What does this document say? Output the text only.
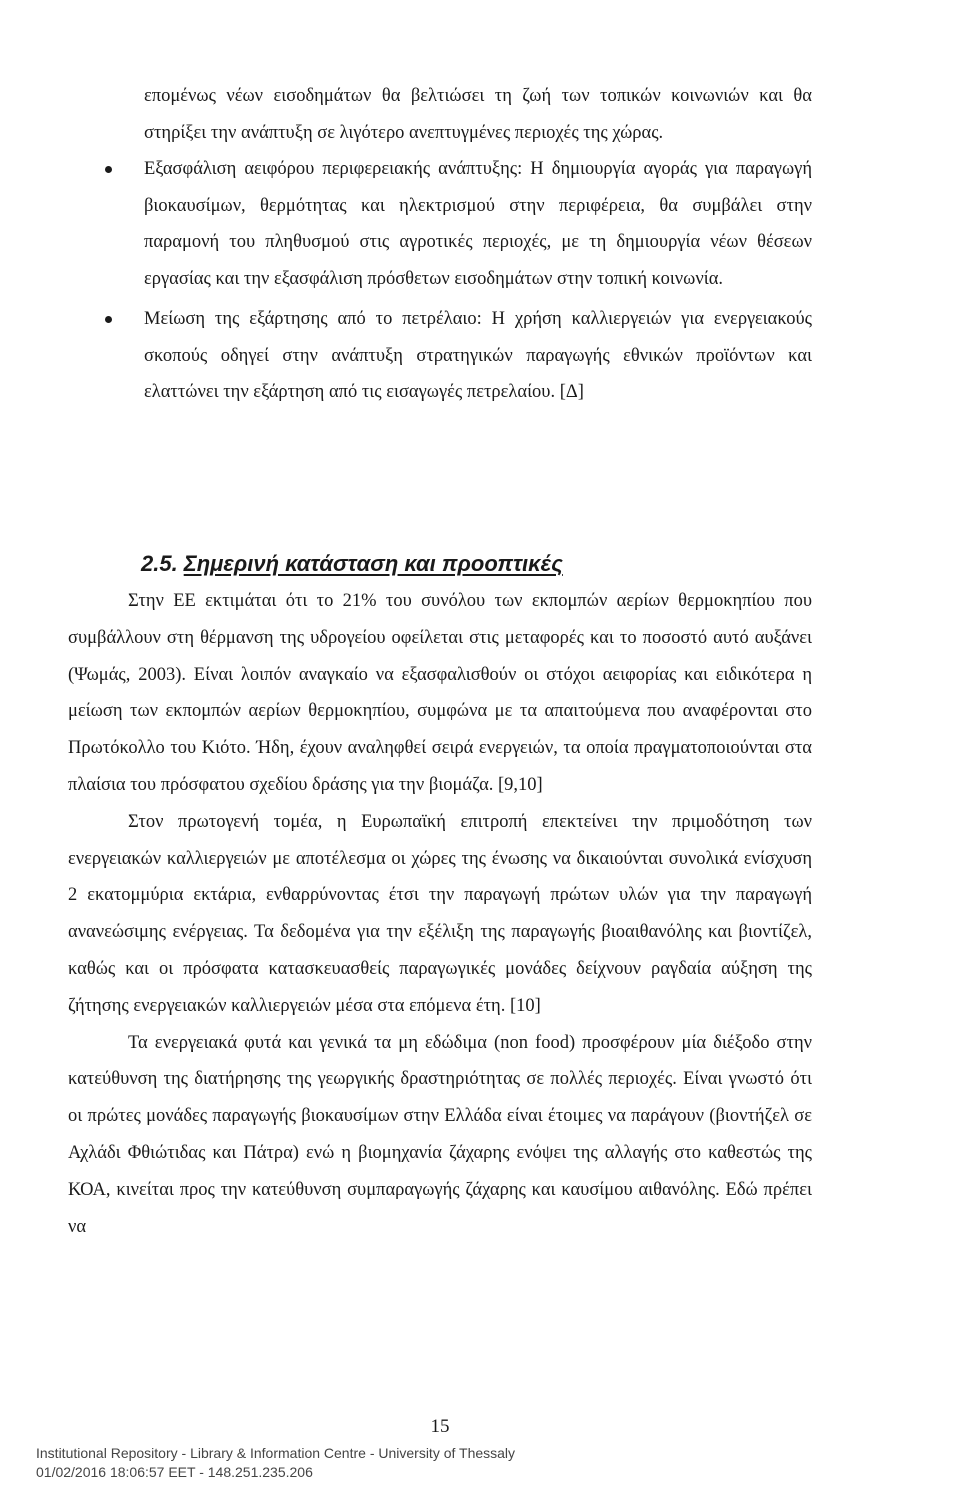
επομένως νέων εισοδημάτων θα βελτιώσει τη ζωή των τοπικών κοινωνιών και θα στηρίξει την ανάπτυξη σε λιγότερο ανεπτυγμένες περιοχές της χώρας.

Εξασφάλιση αειφόρου περιφερειακής ανάπτυξης: Η δημιουργία αγοράς για παραγωγή βιοκαυσίμων, θερμότητας και ηλεκτρισμού στην περιφέρεια, θα συμβάλει στην παραμονή του πληθυσμού στις αγροτικές περιοχές, με τη δημιουργία νέων θέσεων εργασίας και την εξασφάλιση πρόσθετων εισοδημάτων στην τοπική κοινωνία.
Μείωση της εξάρτησης από το πετρέλαιο: Η χρήση καλλιεργειών για ενεργειακούς σκοπούς οδηγεί στην ανάπτυξη στρατηγικών παραγωγής εθνικών προϊόντων και ελαττώνει την εξάρτηση από τις εισαγωγές πετρελαίου. [Δ]
2.5. Σημερινή κατάσταση και προοπτικές

Στην ΕΕ εκτιμάται ότι το 21% του συνόλου των εκπομπών αερίων θερμοκηπίου που συμβάλλουν στη θέρμανση της υδρογείου οφείλεται στις μεταφορές και το ποσοστό αυτό αυξάνει (Ψωμάς, 2003). Είναι λοιπόν αναγκαίο να εξασφαλισθούν οι στόχοι αειφορίας και ειδικότερα η μείωση των εκπομπών αερίων θερμοκηπίου, συμφώνα με τα απαιτούμενα που αναφέρονται στο Πρωτόκολλο του Κιότο. Ήδη, έχουν αναληφθεί σειρά ενεργειών, τα οποία πραγματοποιούνται στα πλαίσια του πρόσφατου σχεδίου δράσης για την βιομάζα. [9,10]

Στον πρωτογενή τομέα, η Ευρωπαϊκή επιτροπή επεκτείνει την πριμοδότηση των ενεργειακών καλλιεργειών με αποτέλεσμα οι χώρες της ένωσης να δικαιούνται συνολικά ενίσχυση 2 εκατομμύρια εκτάρια, ενθαρρύνοντας έτσι την παραγωγή πρώτων υλών για την παραγωγή ανανεώσιμης ενέργειας. Τα δεδομένα για την εξέλιξη της παραγωγής βιοαιθανόλης και βιοντίζελ, καθώς και οι πρόσφατα κατασκευασθείς παραγωγικές μονάδες δείχνουν ραγδαία αύξηση της ζήτησης ενεργειακών καλλιεργειών μέσα στα επόμενα έτη. [10]

Τα ενεργειακά φυτά και γενικά τα μη εδώδιμα (non food) προσφέρουν μία διέξοδο στην κατεύθυνση της διατήρησης της γεωργικής δραστηριότητας σε πολλές περιοχές. Είναι γνωστό ότι οι πρώτες μονάδες παραγωγής βιοκαυσίμων στην Ελλάδα είναι έτοιμες να παράγουν (βιοντήζελ σε Αχλάδι Φθιώτιδας και Πάτρα) ενώ η βιομηχανία ζάχαρης ενόψει της αλλαγής στο καθεστώς της ΚΟΑ, κινείται προς την κατεύθυνση συμπαραγωγής ζάχαρης και καυσίμου αιθανόλης. Εδώ πρέπει να

15
Institutional Repository - Library & Information Centre - University of Thessaly
01/02/2016 18:06:57 EET - 148.251.235.206
